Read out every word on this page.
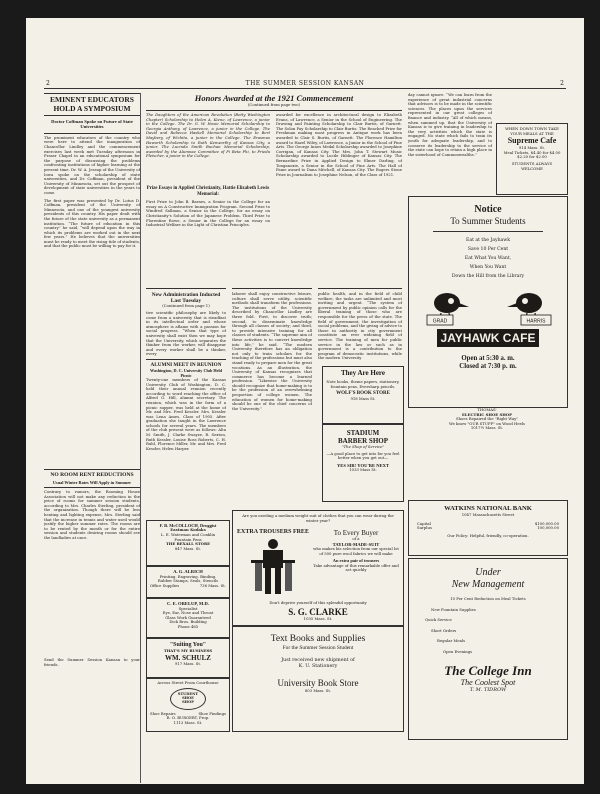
THE SUMMER SESSION KANSAN
2	2

EMINENT EDUCATORS HOLD A SYMPOSIUM

Doctor Coffman Spoke on Future of State Universities

The prominent educators of the country who were here to attend the inauguration of Chancellor Lindley and the commencement exercises last week met Tuesday afternoon in Fraser Chapel in an educational symposium for the purpose of discussing the problems confronting institutions of higher learning at the present time. Dr. W. A. Jessup of the University of Iowa spoke on the scholarship of state universities, and Dr. Coffman, president of the University of Minnesota, set out the prospect of development of state universities in the years to come.

The first paper was presented by Dr. Lotus D. Coffman, president of the University of Minnesota, and one of the youngest university presidents of this country. His paper dealt with the future of the state university as a permanent institution. “The future of education in this country” he said, “will depend upon the way in which its problems are worked out in the next few years.” He believes that the universities must be ready to meet the rising tide of students, and that the public must be willing to pay for it.

NO ROOM RENT REDUCTIONS

Usual Winter Rates Will Apply in Summer

Contrary to rumors, the Rooming House Association will not make any reduction in the price of rooms for summer session students, according to Mrs. Charles Sterling, president of the organization. Though there will be less heating and lighting expense, Mrs. Sterling said that the increase in tennis and water used would justify the higher summer rates. The rooms are to be rented by the month or for the entire session and students desiring rooms should see the landladies at once.

Send the Summer Session Kansan to your friends.

Honors Awarded at the 1921 Commencement

(Continued from page two)

The Daughters of the American Revolution (Betty Washington Chapter) Scholarship to Helen A. Kiene, of Lawrence, a junior in the College. The Dr. G. W. Hoxie Memorial Scholarship to Georgia Anthony, of Lawrence, a junior in the College. The David and Rebecca Haskell Memorial Scholarship to Bert Maybery, of Wichita, a junior in the College. The Erasmus Haworth Scholarship to Ruth Kenworthy of Kansas City, a junior. The Lucinda Smith Buchan Memorial Scholarship, awarded by the Alumnae Committee of Pi Beta Phi, to Frieda Fleischer, a junior in the College.

Prize Essays in Applied Christianity, Hattie Elizabeth Lewis Memorial:

First Prize to John B. Barnes, a Senior in the College for an essay on A Constructive Immigration Program. Second Prize to Winifred Sallman, a Senior in the College, for an essay on Christianity's Solution of the Japanese Problem. Third Prize to Florentine Rowe, a Senior in the College for an essay on Industrial Welfare in the Light of Christian Principles.

awarded for excellence in architectural design to Elizabeth Evans, of Lawrence, a Senior in the School of Engineering. The Drawing and Painting Scholarship to Clair Burtis, of Garnett. The Solon Fay Scholarship to Clair Burtis. The Reached Prize for Freshman making most progress in Antique work has been awarded to Clair S. Burtis, of Garnett. The Florence Hamilton award to Hazel Wiley, of Lawrence, a Junior in the School of Fine Arts. The George Innes Medal Scholarship awarded to Josephine Corrigan, of Kansas City. The Mrs. John T. Stewart Music Scholarship awarded to Lucile Hildinger of Kansas City. The Bernardine Prize in Applied Design to Elmer Darling, of Tonganoxie, a Senior in the School of Fine Arts. The Hall of Fame award to Dana Mitchell, of Kansas City. The Rogers Stone Prize in Journalism to Josephine Nelson, of the Class of 1921.

New Administration Inducted Last Tuesday

(Continued from page 1)

tive scientific philosophy are likely to come from a university that is steadfast in its intellectual order and whose atmosphere is aflame with a passion for social progress. “When that type of university shall exist then we may hope that the University, which separates the thinker from the worker, will disappear and every worker shall be a thinker, every

ALUMNI MEET IN REUNION

Washington, D. C. University Club Held Picnic

Twenty-one members of the Kansas University Club of Washington, D. C. held their annual reunion recently according to word reaching the office of Alfred G. Hill, alumni secretary. The reunion, which was in the form of a picnic supper, was held at the home of Mr. and Mrs. Fred Kessler. Mrs. Kessler was Lena Ames, Class of 1905. After graduation she taught in the Lawrence schools for several years. The members of the club present were as follows: Alta M. Smith, J. Clarke Swayze, R. Sexton, Ruth Kessler, Louise Ross Roberts, C. H. Ruhl, Florence Miller, Mr. and Mrs. Fred Kessler, Helen Harper.

laborer shall enjoy constructive leisure, culture shall serve utility, scientific methods shall transform the professions. The institutions of the University described by Chancellor Lindley are three fold. First, to discover truth; second, to disseminate knowledge through all classes of society; and third, to provide intensive training for all classes of students. “The supreme aim of these activities is to convert knowledge into life,” he said. “The modern University therefore has an obligation not only to train scholars for the teaching of the professions but must also stand ready to prepare men for the great vocations. As an illustration, the University of Kansas recognizes that commerce has become a learned profession. “Likewise the University should recognize that home-making is to be the profession of an overwhelming proportion of college women. The education of women for home-making should be one of the chief concerns of the University.”

public health, and in the field of child welfare, the tasks are unlimited and most inviting and urgent. “The system of government by public opinion calls for the liberal training of those who are responsible for the press of the state. The field of government, the investigation of social problems, and the giving of advice to those in authority in city government constitute an ever widening field of service. The training of men for public service in the law or such as in government is a contribution to the program of democratic institutions, while the modern University

day cannot ignore. “We can learn from the experience of great industrial concerns that advisors is to be made in the scientific sciences. The places upon the services represented in our great colleges of finance and industry. “All of which means, when summed up, that the University of Kansas is to give training in leadership to the very activities which the state is engaged. No state which fails to train its youth for adequate leadership, and to conserve its leadership to the service of the state can hope to retain a high place in the sisterhood of Commonwealths.”

WHEN DOWN TOWN TAKE

YOUR MEALS AT THE

Supreme Cafe

914 Mass. St.

Meal Tickets, $4.40 for $4.00

$2.20 for $2.00

STUDENTS ALWAYS

WELCOME

Notice

To Summer Students

Eat at the Jayhawk

Save 10 Per Cent

Eat What You Want,

When You Want

Down the Hill from the Library

GRAD	HARRIS
JAYHAWK CAFE

Open at 5:30 a. m.

Closed at 7:30 p. m.

They Are Here

Note books, theme papers, stationery, fountain pens, Eversharp pencils.

WOLF'S BOOK STORE

918 Mass St.

STADIUM

BARBER SHOP

"The Shop of Service"

—A good place to get into for you feel better when you get out—

YES SIR! YOU'RE NEXT

1033 Mass St.

THOMAS'

ELECTRIC SHOE SHOP

Shoes Repaired the "Right Way"

We know "OUR STUFF" on Wood Heels

1017½ Mass. St.

WATKINS NATIONAL BANK

1047 Massachusetts Street

Capital	$100,000.00
Surplus	100,000.00

Our Policy: Helpful, friendly, co-operation.

Under

New Management

10 Per Cent Reduction on Meal Tickets

New Fountain Supplies

Quick Service

Short Orders

Regular Meals

Open Evenings

The College Inn

The Coolest Spot

T. M. TIDROW

Are you needing a medium weight suit of clothes that you can wear during the winter year?

EXTRA TROUSERS FREE	To Every Buyer

of a

TAYLOR-MADE-SUIT

who makes his selection from our special lot of 500 pure wool fabrics we will make

An extra pair of trousers

Take advantage of this remarkable offer and act quickly

Don't deprive yourself of this splendid opportunity

S. G. CLARKE

1035 Mass. St.

Text Books and Supplies

For the Summer Session Student

Just received new shipment of

K. U. Stationery

University Book Store

803 Mass. St.

F. B. McCOLLOCH, Druggist

Eastman Kodaks

L. E. Waterman and Conklin

Fountain Pens

THE REXALL STORE

847 Mass. St.

A. G. ALRICH

Printing. Engraving. Binding.

Rubber Stamps, Seals, Stencils

Office Supplies	736 Mass. St.

C. E. ORELUP, M.D.

Specialist

Eye, Ear, Nose and Throat

Glass Work Guaranteed

Dick Bros. Building

Phone 465

"Suiting You"

THAT'S MY BUSINESS

WM. SCHULZ

917 Mass. St.

Across Street From Courthouse

STUDENT

SHOE

SHOP

Shoe Repairs	Shoe Findings

R. O. BURGERT, Prop.

1113 Mass. St.
